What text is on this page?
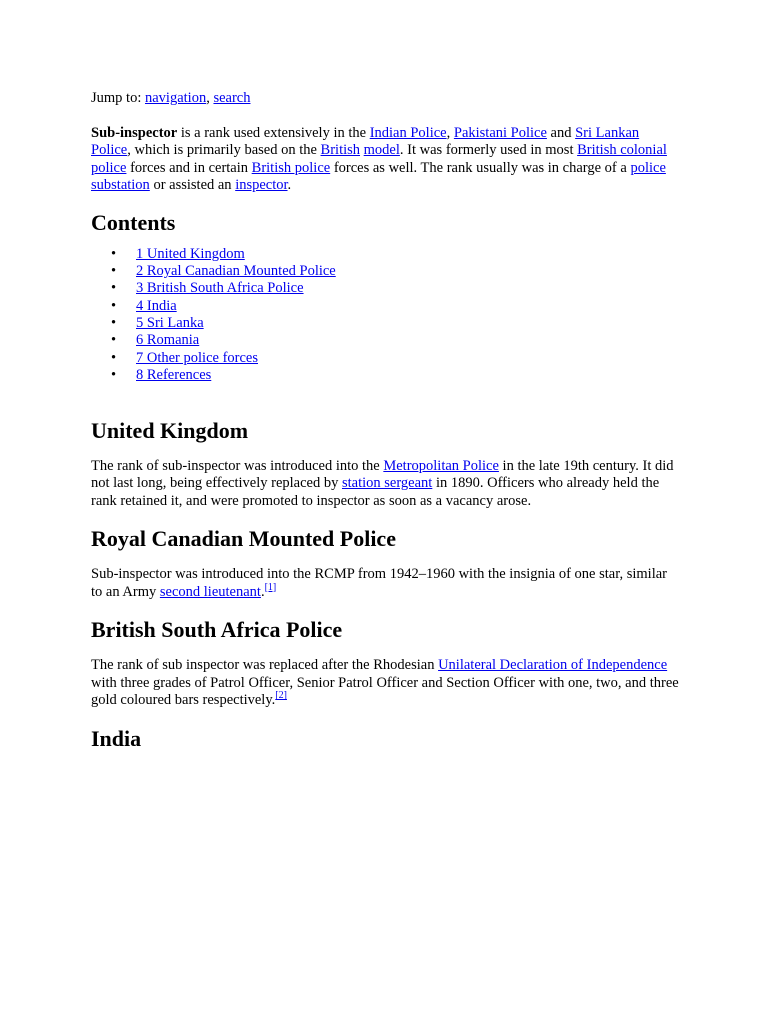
Jump to: navigation, search

Sub-inspector is a rank used extensively in the Indian Police, Pakistani Police and Sri Lankan Police, which is primarily based on the British model. It was formerly used in most British colonial police forces and in certain British police forces as well. The rank usually was in charge of a police substation or assisted an inspector.

Contents
• 1 United Kingdom
• 2 Royal Canadian Mounted Police
• 3 British South Africa Police
• 4 India
• 5 Sri Lanka
• 6 Romania
• 7 Other police forces
• 8 References
United Kingdom

The rank of sub-inspector was introduced into the Metropolitan Police in the late 19th century. It did not last long, being effectively replaced by station sergeant in 1890. Officers who already held the rank retained it, and were promoted to inspector as soon as a vacancy arose.

Royal Canadian Mounted Police

Sub-inspector was introduced into the RCMP from 1942–1960 with the insignia of one star, similar to an Army second lieutenant.[1]

British South Africa Police

The rank of sub inspector was replaced after the Rhodesian Unilateral Declaration of Independence with three grades of Patrol Officer, Senior Patrol Officer and Section Officer with one, two, and three gold coloured bars respectively.[2]

India
